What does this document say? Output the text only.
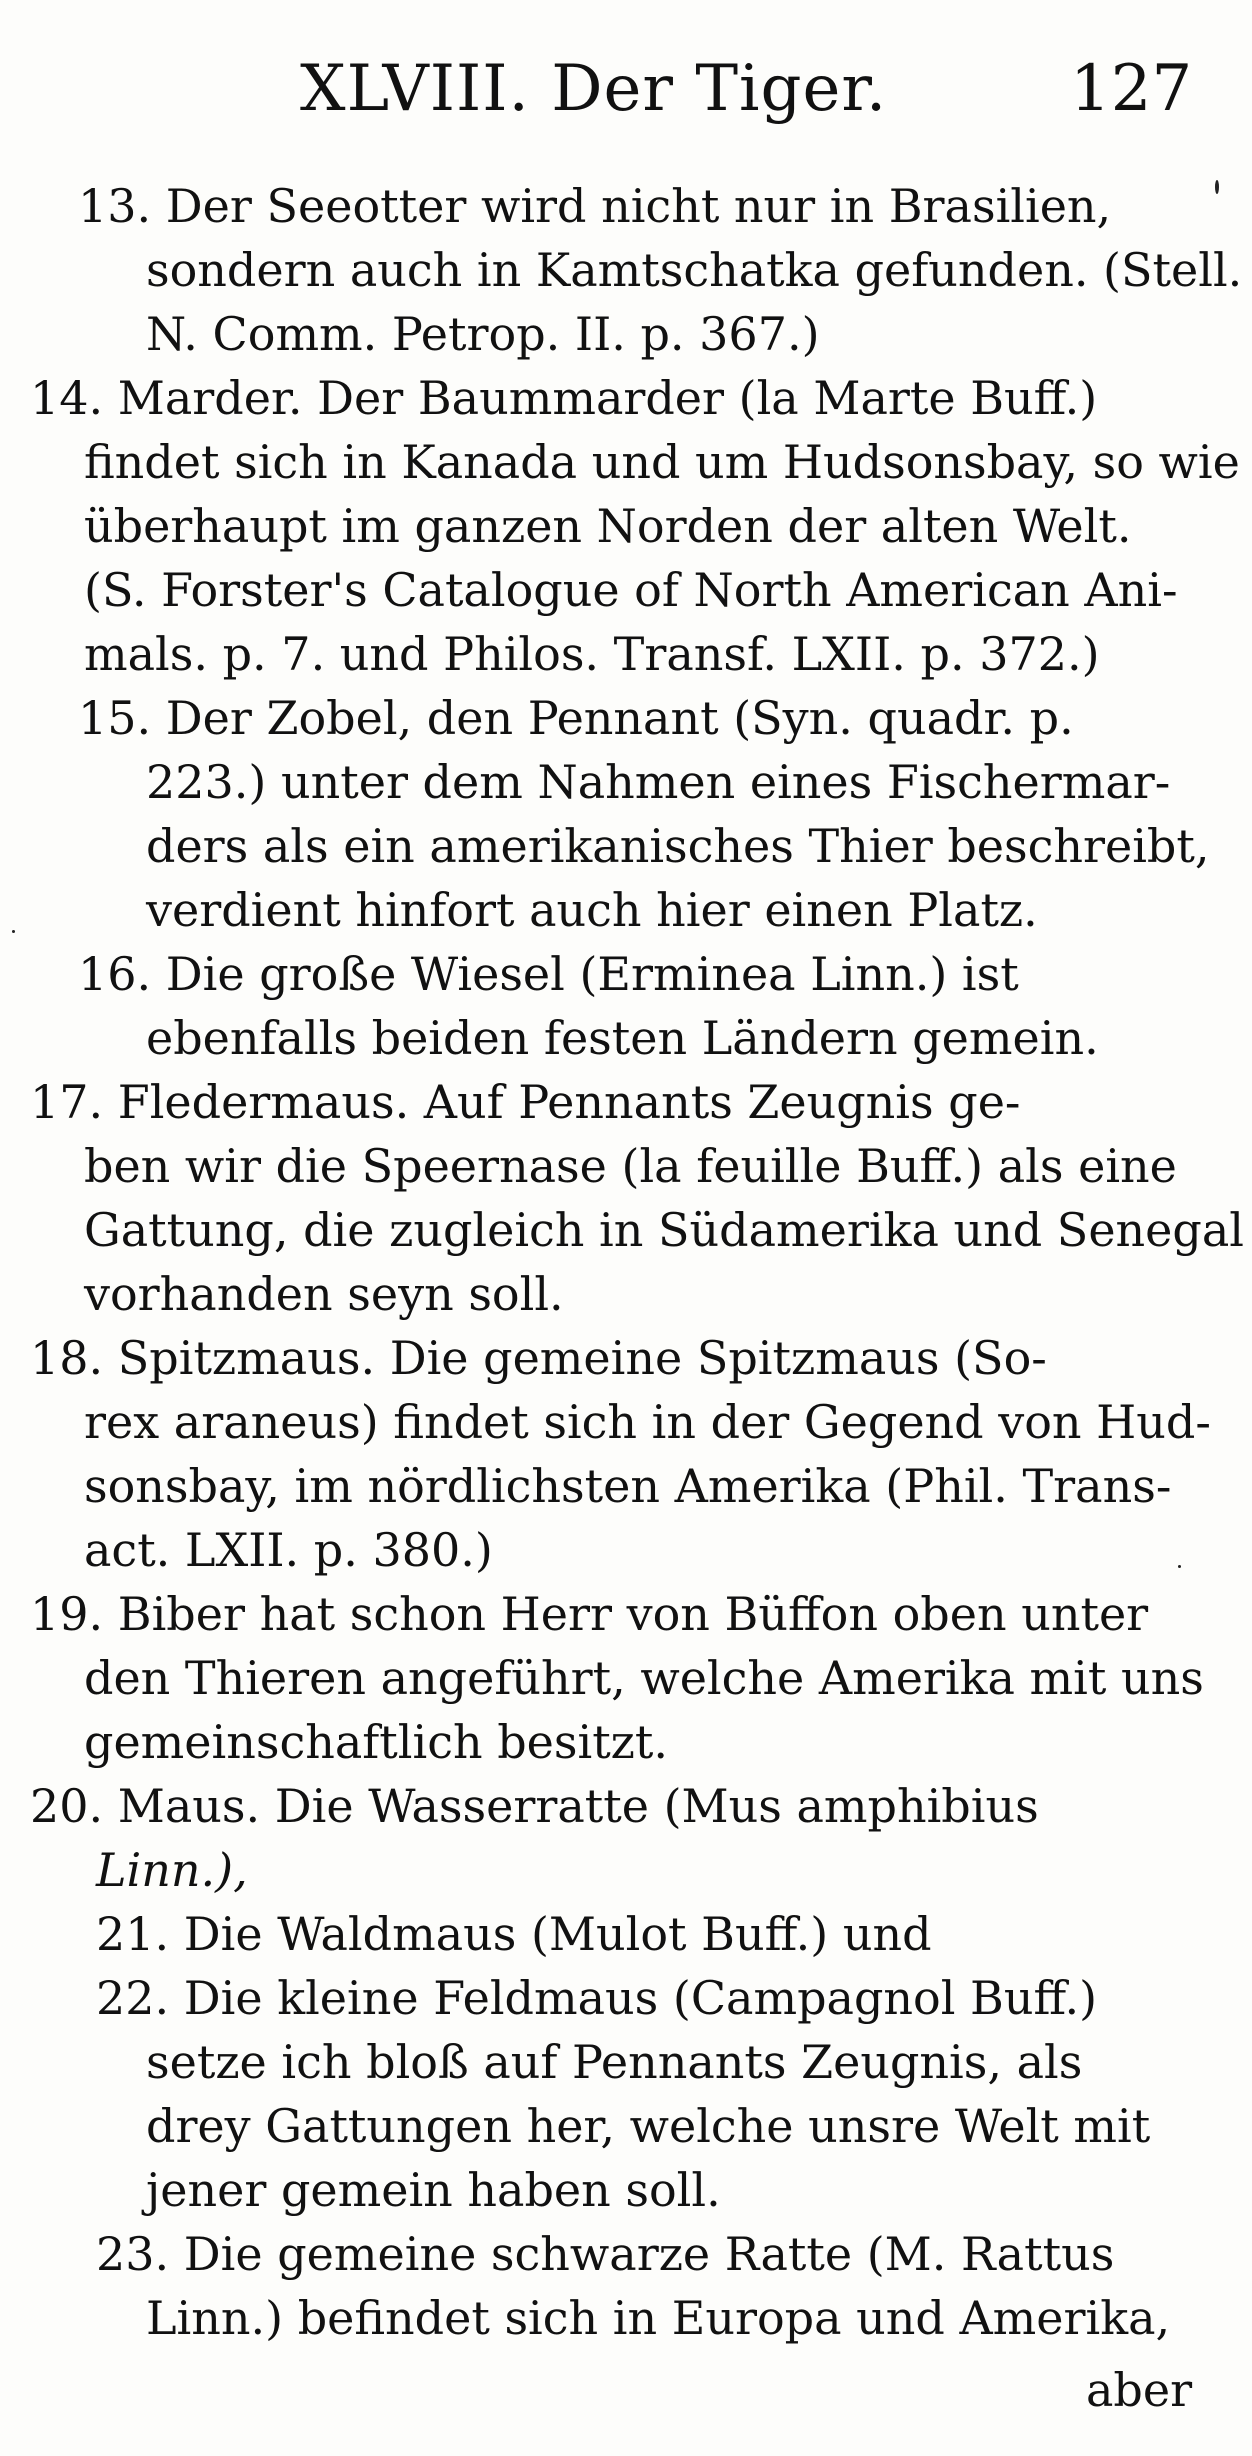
XLVIII. Der Tiger.	127
13. Der Seeotter wird nicht nur in Brasilien,
sondern auch in Kamtschatka gefunden. (Stell.
N. Comm. Petrop. II. p. 367.)
14. Marder. Der Baummarder (la Marte Buff.)
findet sich in Kanada und um Hudsonsbay, so wie
überhaupt im ganzen Norden der alten Welt.
(S. Forster's Catalogue of North American Ani-
mals. p. 7. und Philos. Transf. LXII. p. 372.)
15. Der Zobel, den Pennant (Syn. quadr. p.
223.) unter dem Nahmen eines Fischermar-
ders als ein amerikanisches Thier beschreibt,
verdient hinfort auch hier einen Platz.
16. Die große Wiesel (Erminea Linn.) ist
ebenfalls beiden festen Ländern gemein.
17. Fledermaus. Auf Pennants Zeugnis ge-
ben wir die Speernase (la feuille Buff.) als eine
Gattung, die zugleich in Südamerika und Senegal
vorhanden seyn soll.
18. Spitzmaus. Die gemeine Spitzmaus (So-
rex araneus) findet sich in der Gegend von Hud-
sonsbay, im nördlichsten Amerika (Phil. Trans-
act. LXII. p. 380.)
19. Biber hat schon Herr von Büffon oben unter
den Thieren angeführt, welche Amerika mit uns
gemeinschaftlich besitzt.
20. Maus. Die Wasserratte (Mus amphibius
Linn.),
21. Die Waldmaus (Mulot Buff.) und
22. Die kleine Feldmaus (Campagnol Buff.)
setze ich bloß auf Pennants Zeugnis, als
drey Gattungen her, welche unsre Welt mit
jener gemein haben soll.
23. Die gemeine schwarze Ratte (M. Rattus
Linn.) befindet sich in Europa und Amerika,
aber
